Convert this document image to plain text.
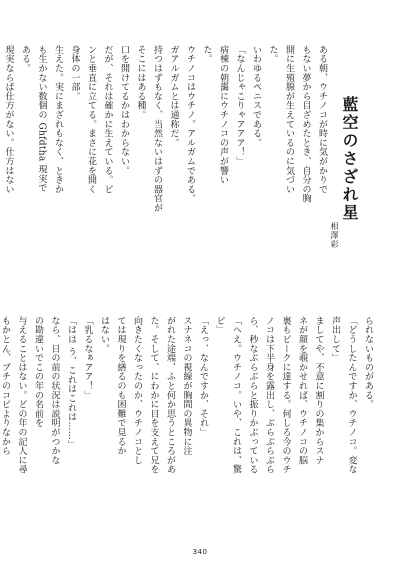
藍空のさざれ星
相澤彩
ある朝、ウチノコが時に気がかりで
もない夢から目ざめたとき、自分の胸
開に生殖腺が生えているのに気づい
た。
いわゆるペニスである。
「なんじゃこりゃアアア！」
病棟の朝靄にウチノコの声が響い
た。
ウチノコはウチノ。アルガムである。
ガアルガムとは通称だ。
持つはずもなく、当然ないはずの器官が
そこにはある種。
口を開けてるかはわからない。
だが、それは確かに生えている。ピ
ンと垂直に立てる。まさに花を開く
身体の一部。
生えた。実にまざれもなく、ときか
も生かない数個の Ghfdtha 現実で
ある。
現実ならば仕方がない。仕方はない
られないものがある。
「どうしたんですか、ウチノコ。変な
声出して」
ましてや、不意に割りの集からスナ
ネが顔を覗かせれば、ウチノコの脳
裏もピークに達する。何しろ今のウチ
ノコは下半身を露出し、ぶらぶらぶら
ら、秒なぶらぶらと振りかぶっている
「へえ。ウチノコ。いや、これは、驚
ピ」
「えっ、なんですか、それ」
スナネコの視線が胸間の異物に注
がれた途端、ふと何か思うところがあ
た。そして、にわかに目を支えて兄を
向きたくなったのか、ウチノコとし
ては現りを繕るのも困難で見るか
はない。
「乳るなぁアア！」
「はは う、これはこれは……」
なら、日の前の状況は説明がつかな
の勘違いでこの年の名前を
与えることはない。どの年の記人に尋
もかとん、ブチのコピよりなから
340
